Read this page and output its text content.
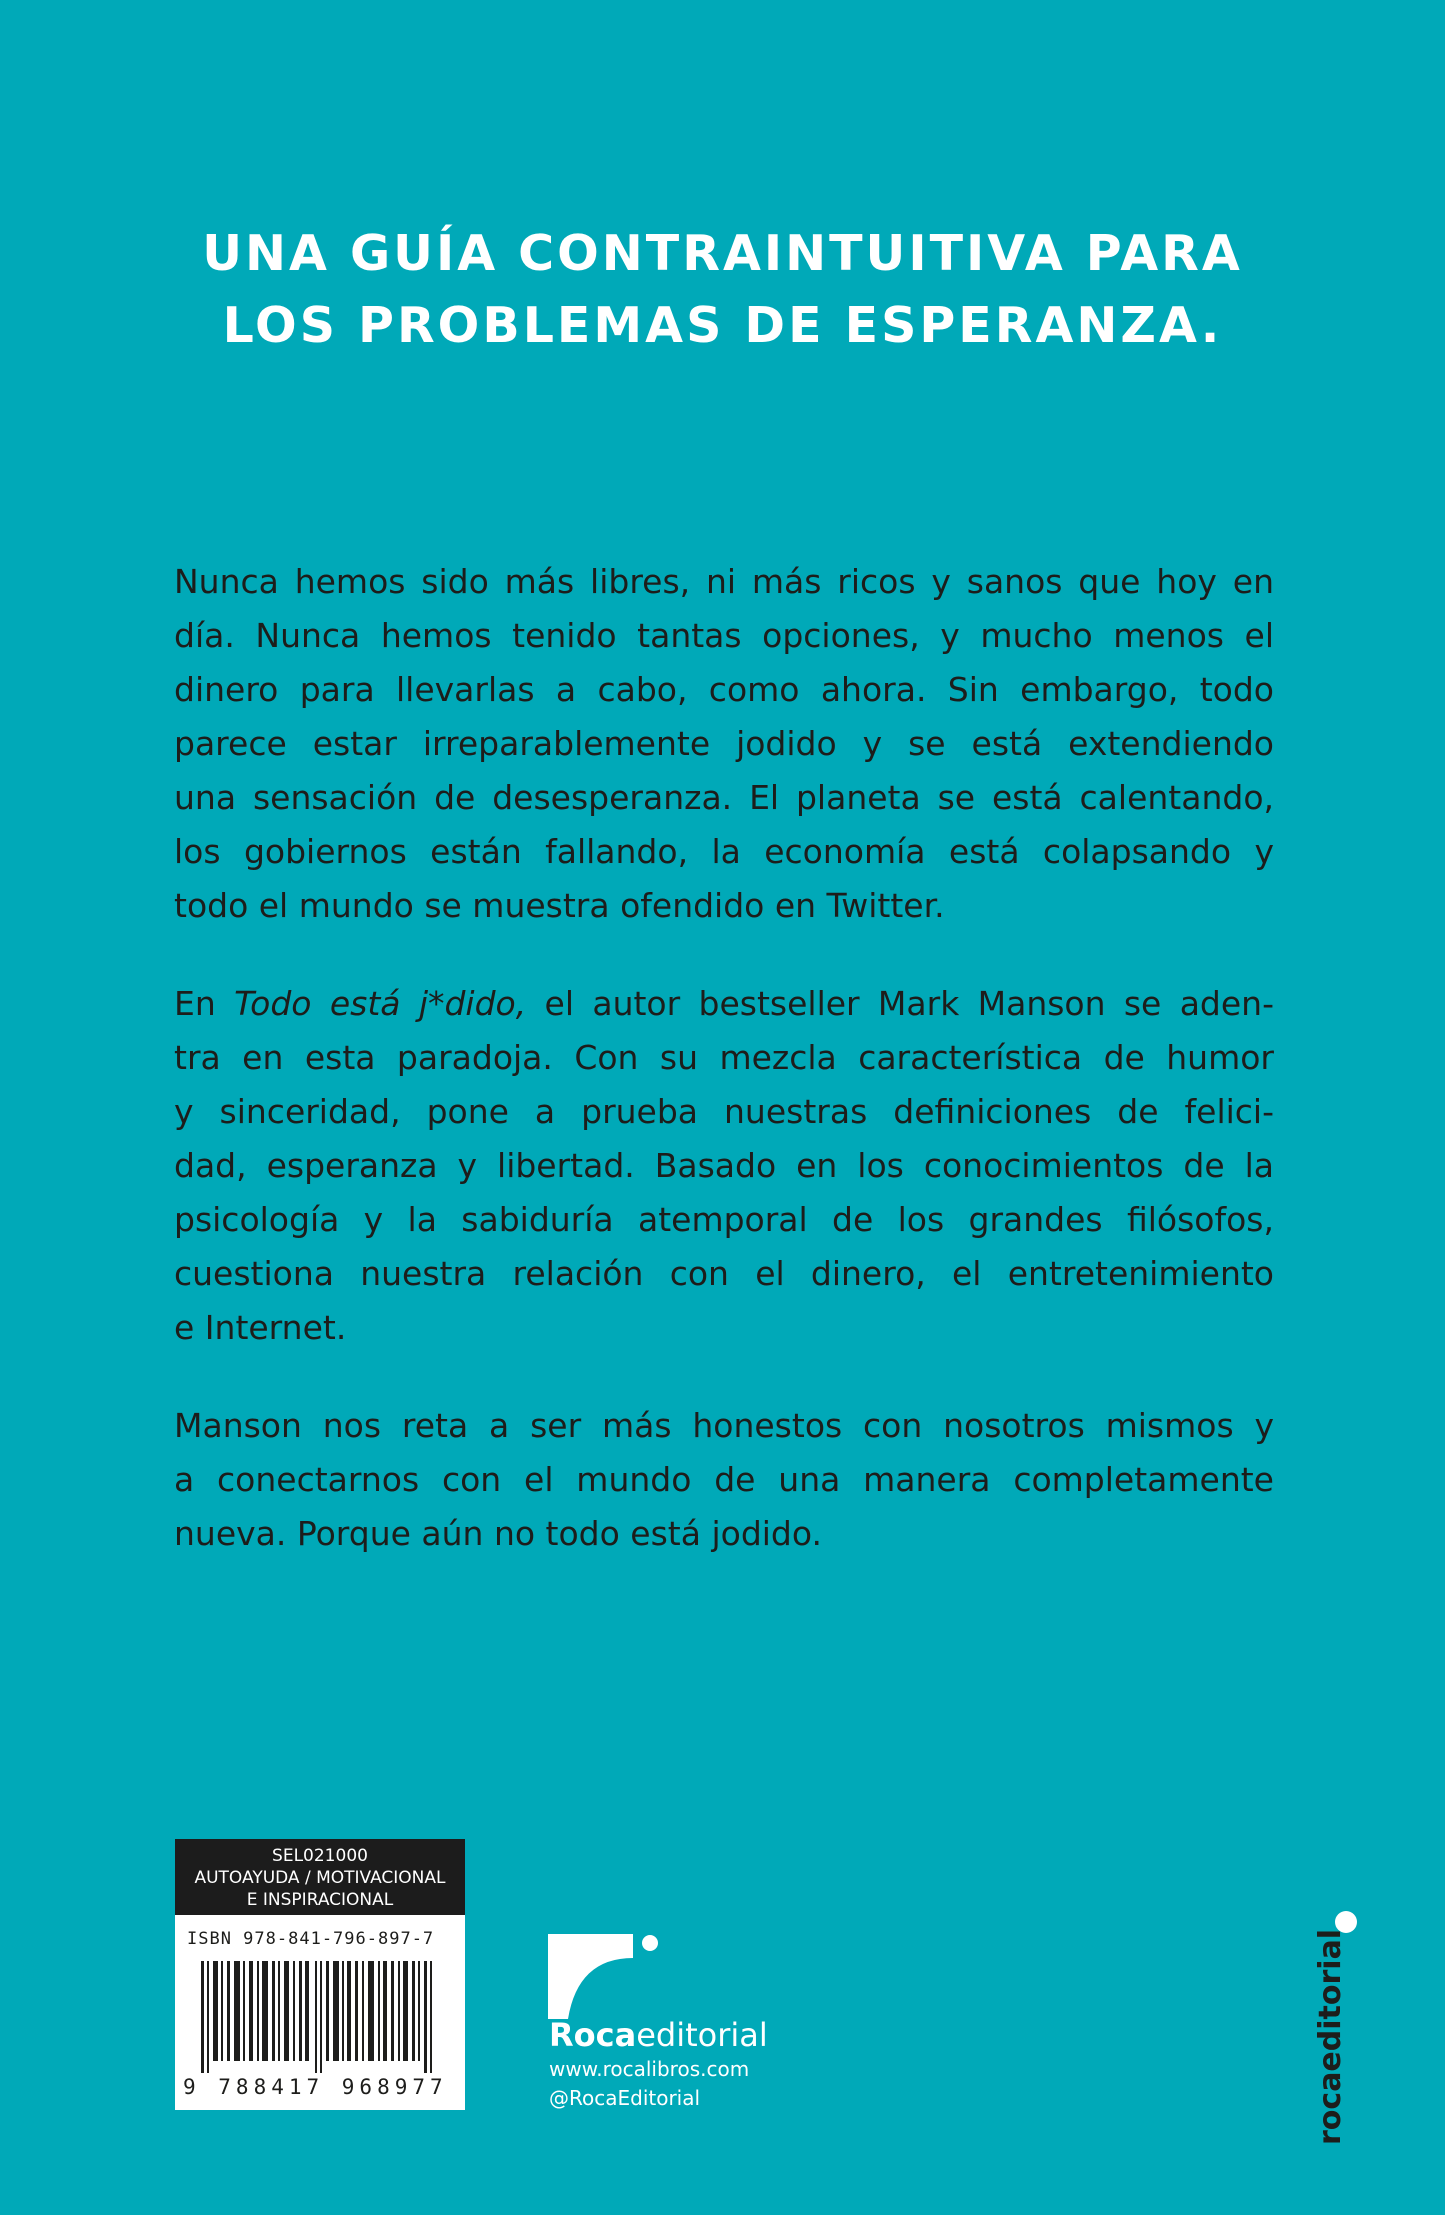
UNA GUÍA CONTRAINTUITIVA PARA
LOS PROBLEMAS DE ESPERANZA.

Nunca hemos sido más libres, ni más ricos y sanos que hoy en
día. Nunca hemos tenido tantas opciones, y mucho menos el
dinero para llevarlas a cabo, como ahora. Sin embargo, todo
parece estar irreparablemente jodido y se está extendiendo
una sensación de desesperanza. El planeta se está calentando,
los gobiernos están fallando, la economía está colapsando y
todo el mundo se muestra ofendido en Twitter.

En Todo está j*dido, el autor bestseller Mark Manson se aden-
tra en esta paradoja. Con su mezcla característica de humor
y sinceridad, pone a prueba nuestras definiciones de felici-
dad, esperanza y libertad. Basado en los conocimientos de la
psicología y la sabiduría atemporal de los grandes filósofos,
cuestiona nuestra relación con el dinero, el entretenimiento
e Internet.

Manson nos reta a ser más honestos con nosotros mismos y
a conectarnos con el mundo de una manera completamente
nueva. Porque aún no todo está jodido.

SEL021000
AUTOAYUDA / MOTIVACIONAL
E INSPIRACIONAL
ISBN 978-841-796-897-7
9 788417 968977
Rocaeditorial
www.rocalibros.com
@RocaEditorial	rocaeditorial
